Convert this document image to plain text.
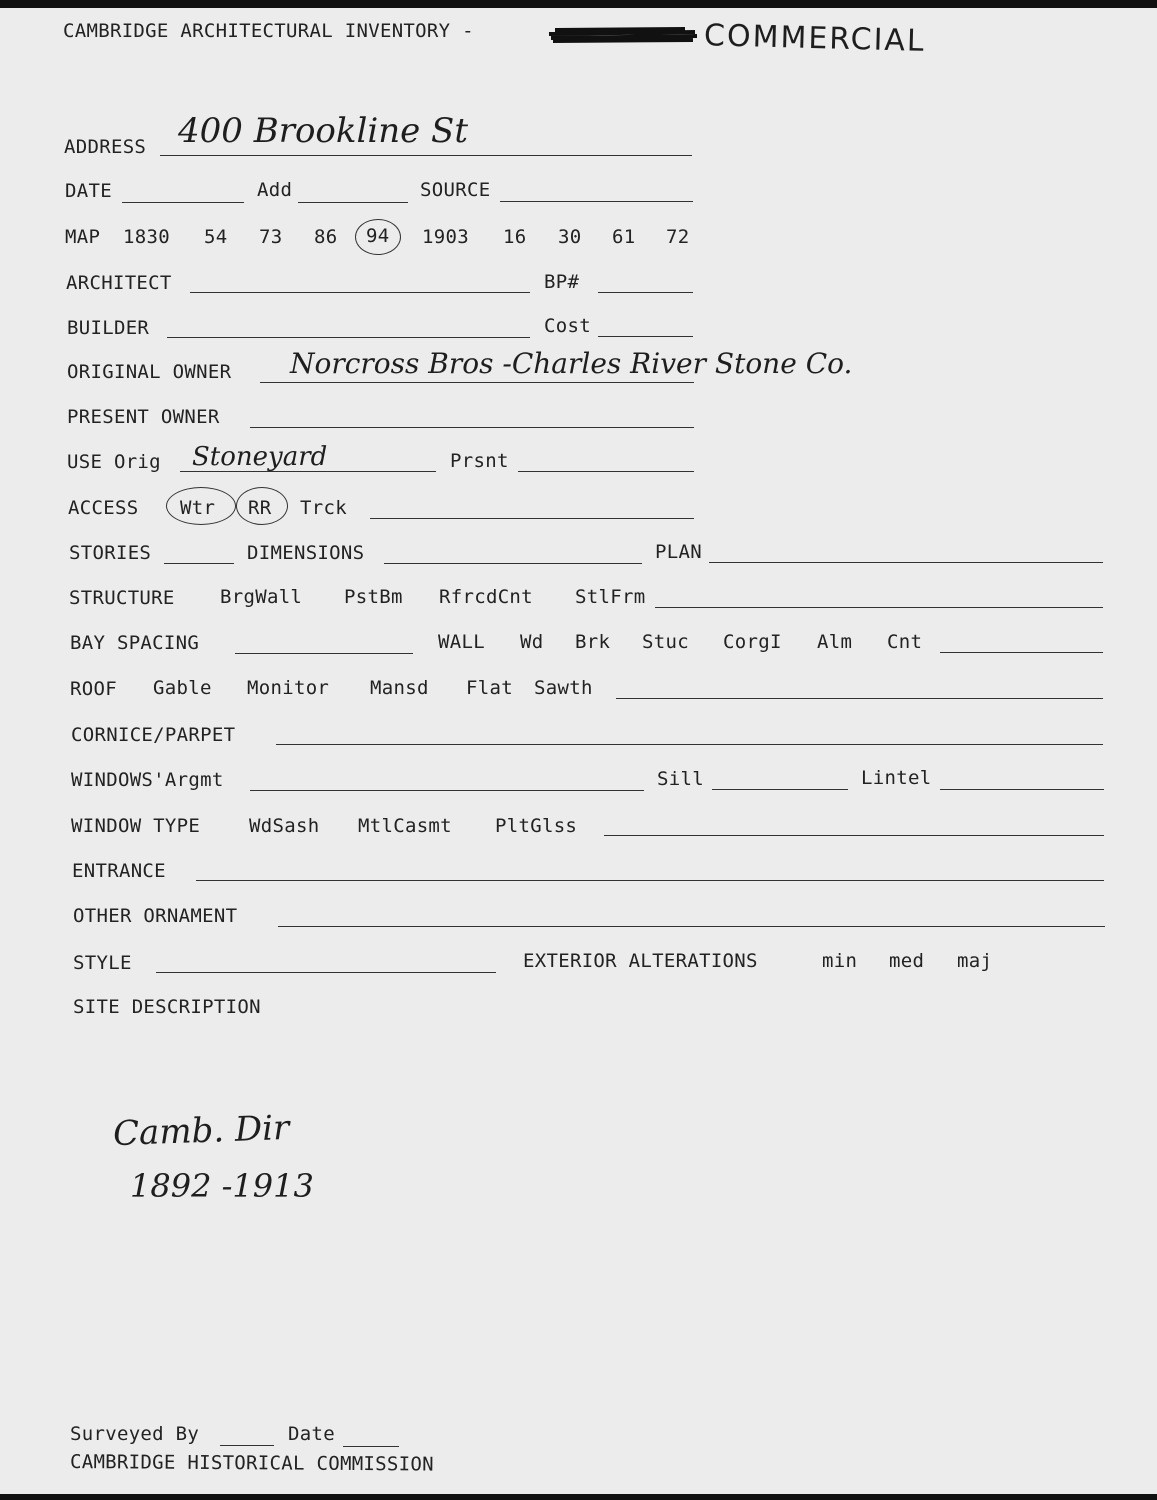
CAMBRIDGE ARCHITECTURAL INVENTORY -	COMMERCIAL
ADDRESS 400 Brookline St
DATE	Add	SOURCE
MAP 1830 54 73 86 94 1903 16 30 61 72
ARCHITECT	BP#
BUILDER	Cost
ORIGINAL OWNER Norcross Bros -Charles River Stone Co.
PRESENT OWNER
USE Orig Stoneyard	Prsnt
ACCESS Wtr RR Trck
STORIES	DIMENSIONS	PLAN
STRUCTURE BrgWall PstBm RfrcdCnt StlFrm
BAY SPACING	WALL Wd Brk Stuc CorgI Alm Cnt
ROOF Gable Monitor Mansd Flat Sawth
CORNICE/PARPET
WINDOWS'Argmt	Sill	Lintel
WINDOW TYPE	WdSash MtlCasmt PltGlss
ENTRANCE
OTHER ORNAMENT
STYLE	EXTERIOR ALTERATIONS	min med maj
SITE DESCRIPTION
Camb. Dir
1892 -1913
Surveyed By	Date
CAMBRIDGE HISTORICAL COMMISSION
